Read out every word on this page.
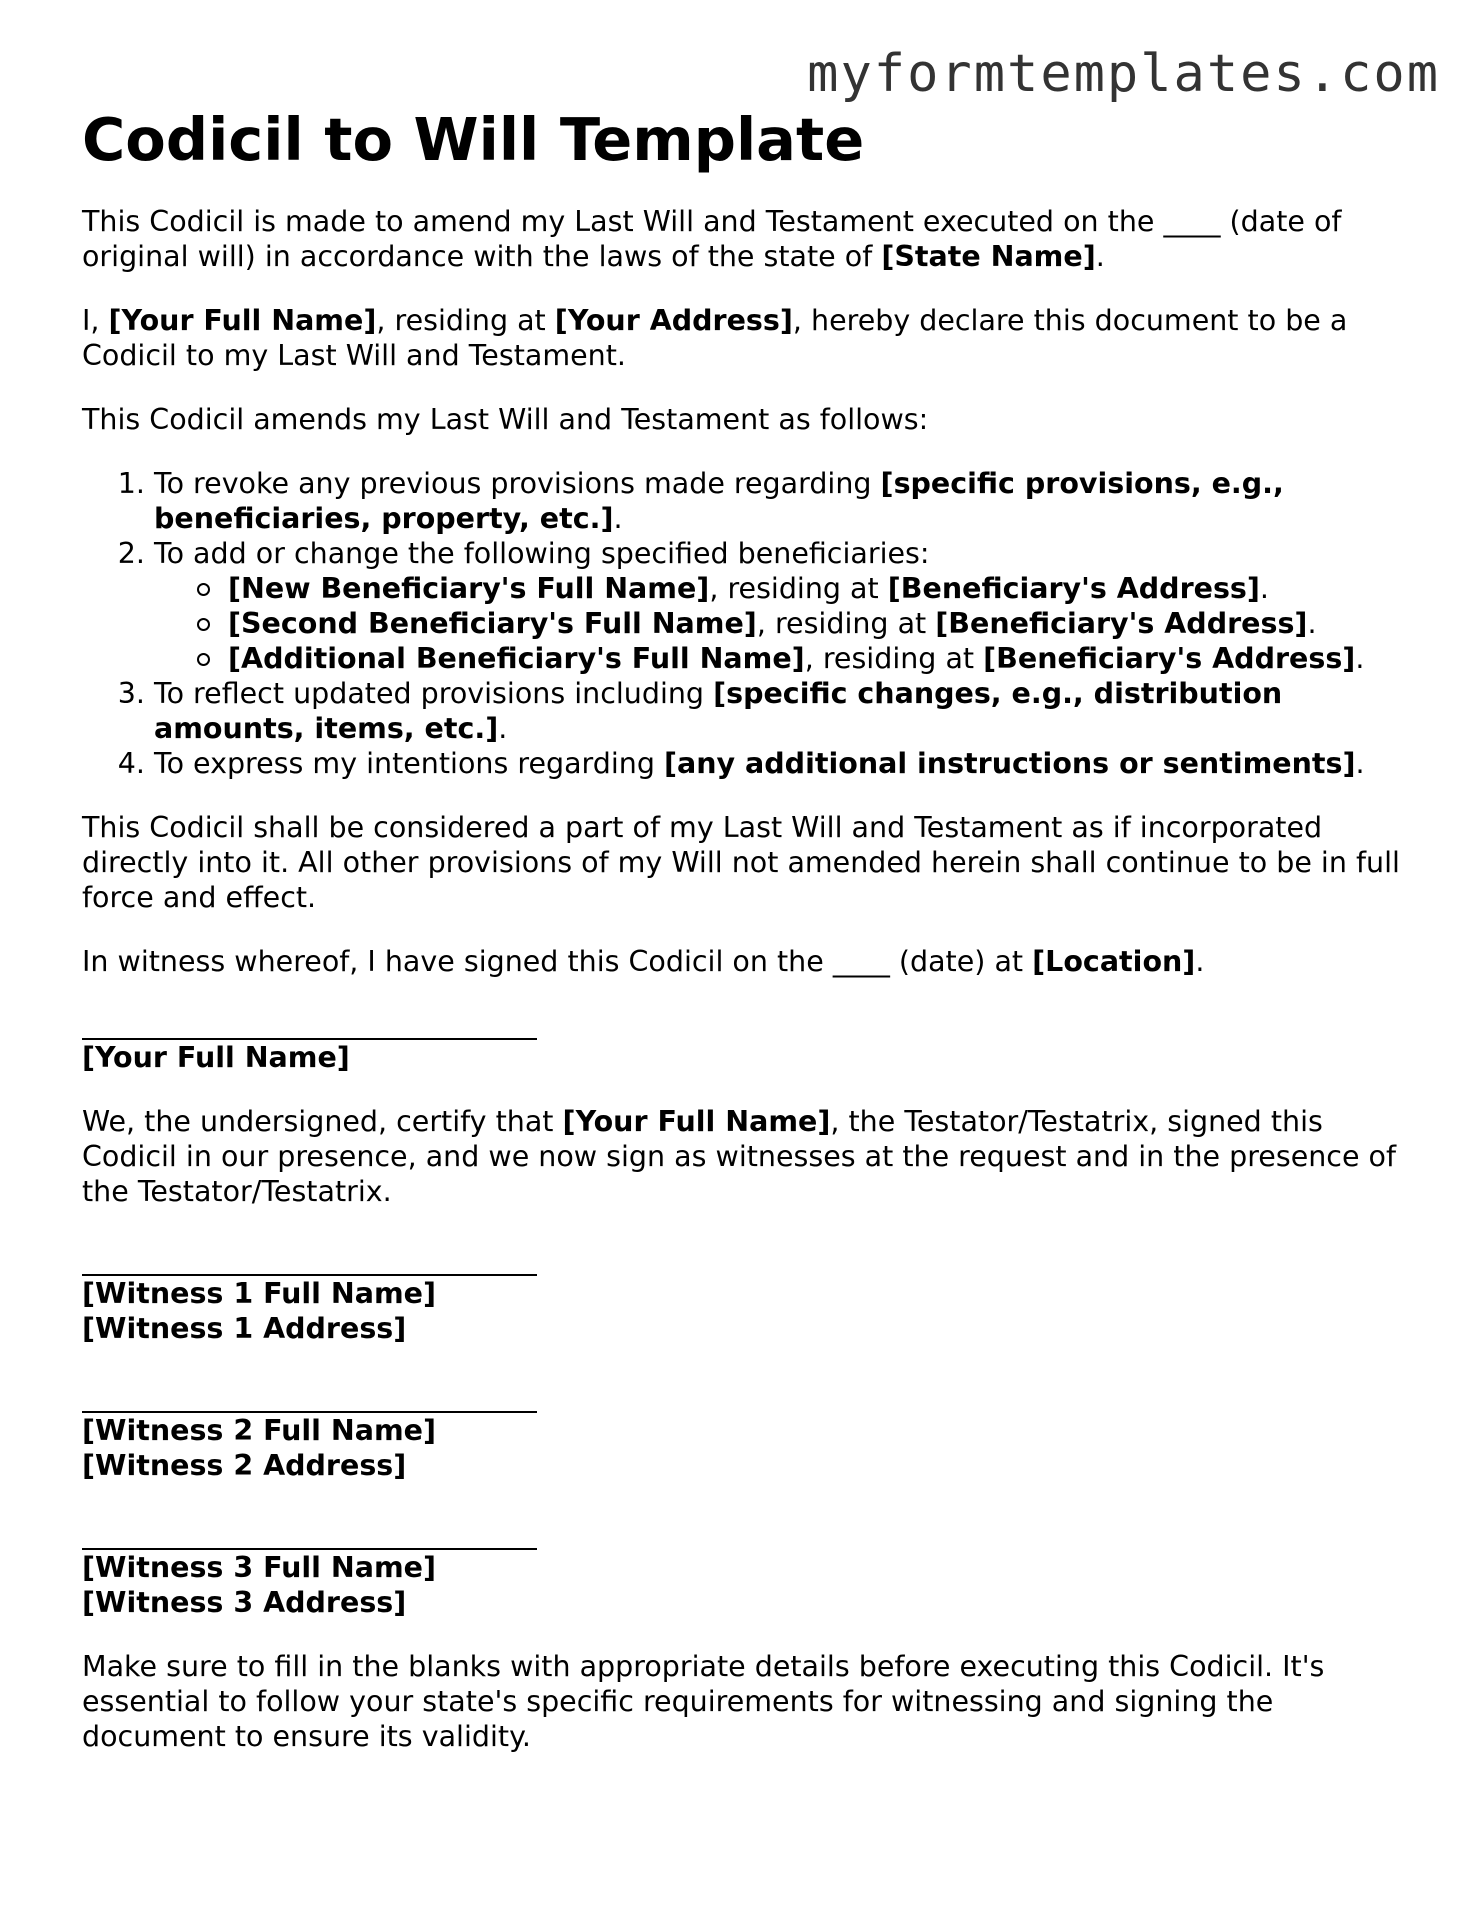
myformtemplates.com
Codicil to Will Template

This Codicil is made to amend my Last Will and Testament executed on the ____ (date of original will) in accordance with the laws of the state of [State Name].

I, [Your Full Name], residing at [Your Address], hereby declare this document to be a Codicil to my Last Will and Testament.

This Codicil amends my Last Will and Testament as follows:

1. To revoke any previous provisions made regarding [specific provisions, e.g., beneficiaries, property, etc.].
2. To add or change the following specified beneficiaries:
[New Beneficiary's Full Name], residing at [Beneficiary's Address].
[Second Beneficiary's Full Name], residing at [Beneficiary's Address].
[Additional Beneficiary's Full Name], residing at [Beneficiary's Address].
3. To reflect updated provisions including [specific changes, e.g., distribution amounts, items, etc.].
4. To express my intentions regarding [any additional instructions or sentiments].

This Codicil shall be considered a part of my Last Will and Testament as if incorporated directly into it. All other provisions of my Will not amended herein shall continue to be in full force and effect.

In witness whereof, I have signed this Codicil on the ____ (date) at [Location].

[Your Full Name]

We, the undersigned, certify that [Your Full Name], the Testator/Testatrix, signed this Codicil in our presence, and we now sign as witnesses at the request and in the presence of the Testator/Testatrix.

[Witness 1 Full Name]
[Witness 1 Address]
[Witness 2 Full Name]
[Witness 2 Address]
[Witness 3 Full Name]
[Witness 3 Address]

Make sure to fill in the blanks with appropriate details before executing this Codicil. It's essential to follow your state's specific requirements for witnessing and signing the document to ensure its validity.
